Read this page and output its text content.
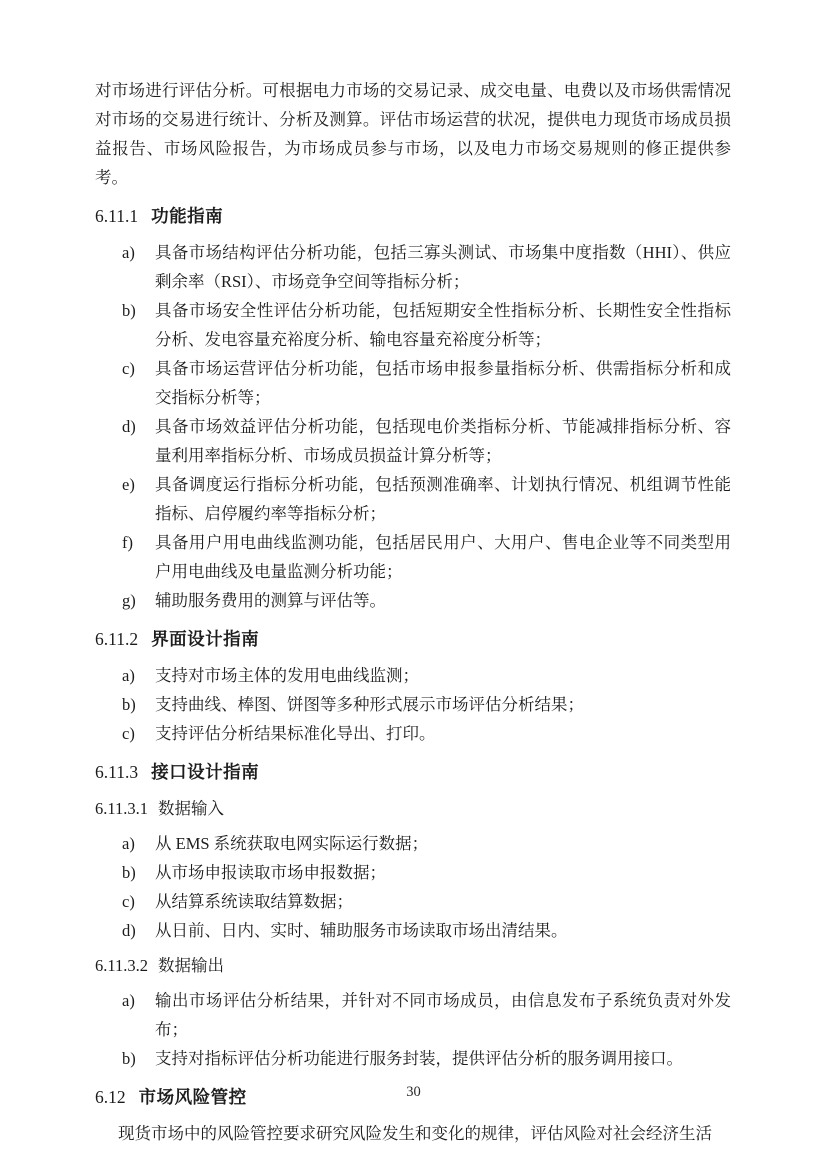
对市场进行评估分析。可根据电力市场的交易记录、成交电量、电费以及市场供需情况对市场的交易进行统计、分析及测算。评估市场运营的状况，提供电力现货市场成员损益报告、市场风险报告，为市场成员参与市场，以及电力市场交易规则的修正提供参考。

6.11.1 功能指南
a)	具备市场结构评估分析功能，包括三寡头测试、市场集中度指数（HHI）、供应剩余率（RSI）、市场竞争空间等指标分析；
b)	具备市场安全性评估分析功能，包括短期安全性指标分析、长期性安全性指标分析、发电容量充裕度分析、输电容量充裕度分析等；
c)	具备市场运营评估分析功能，包括市场申报参量指标分析、供需指标分析和成交指标分析等；
d)	具备市场效益评估分析功能，包括现电价类指标分析、节能减排指标分析、容量利用率指标分析、市场成员损益计算分析等；
e)	具备调度运行指标分析功能，包括预测准确率、计划执行情况、机组调节性能指标、启停履约率等指标分析；
f)	具备用户用电曲线监测功能，包括居民用户、大用户、售电企业等不同类型用户用电曲线及电量监测分析功能；
g)	辅助服务费用的测算与评估等。
6.11.2 界面设计指南
a)	支持对市场主体的发用电曲线监测；
b)	支持曲线、棒图、饼图等多种形式展示市场评估分析结果；
c)	支持评估分析结果标准化导出、打印。
6.11.3 接口设计指南
6.11.3.1 数据输入
a)	从 EMS 系统获取电网实际运行数据；
b)	从市场申报读取市场申报数据；
c)	从结算系统读取结算数据；
d)	从日前、日内、实时、辅助服务市场读取市场出清结果。
6.11.3.2 数据输出
a)	输出市场评估分析结果，并针对不同市场成员，由信息发布子系统负责对外发布；
b)	支持对指标评估分析功能进行服务封装，提供评估分析的服务调用接口。
6.12 市场风险管控

现货市场中的风险管控要求研究风险发生和变化的规律，评估风险对社会经济生活

30
